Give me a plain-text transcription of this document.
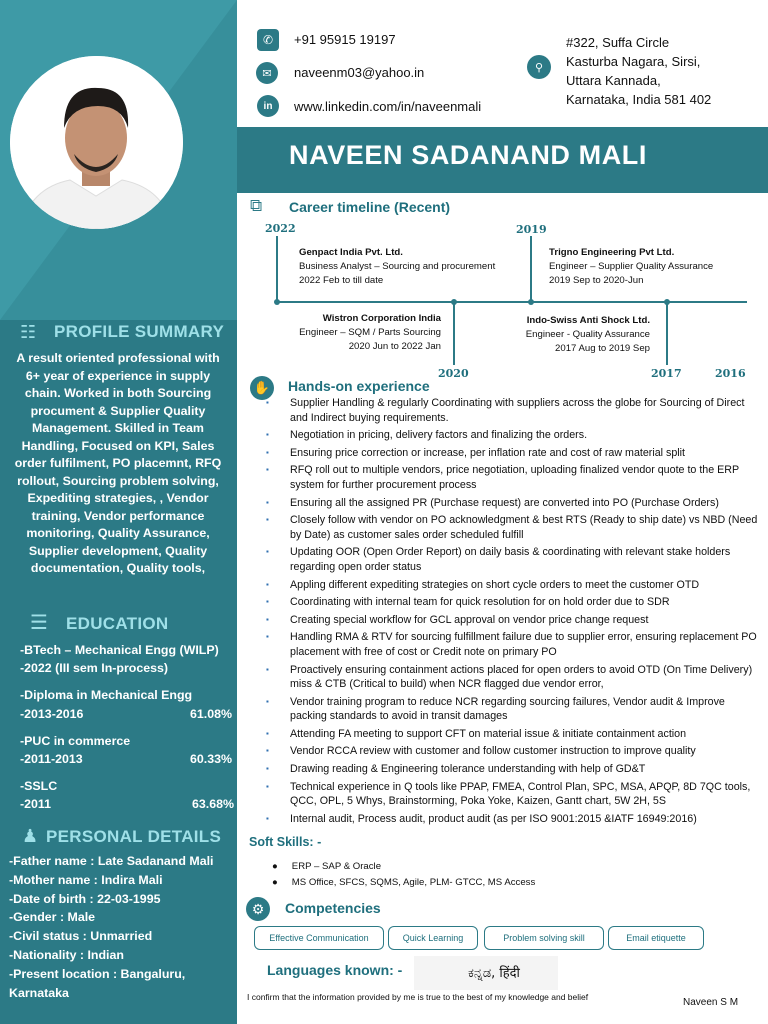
☷ PROFILE SUMMARY
A result oriented professional with 6+ year of experience in supply chain. Worked in both Sourcing procument & Supplier Quality Management. Skilled in Team Handling, Focused on KPI, Sales order fulfilment, PO placemnt, RFQ rollout, Sourcing problem solving, Expediting strategies, , Vendor training, Vendor performance monitoring, Quality Assurance, Supplier development, Quality documentation, Quality tools,
☰ EDUCATION
-BTech – Mechanical Engg (WILP)
-2022 (III sem In-process)
-Diploma in Mechanical Engg
-2013-2016	61.08%
-PUC in commerce
-2011-2013	60.33%
-SSLC
-2011	63.68%
♟ PERSONAL DETAILS
-Father name : Late Sadanand Mali
-Mother name : Indira Mali
-Date of birth : 22-03-1995
-Gender : Male
-Civil status : Unmarried
-Nationality : Indian
-Present location : Bangaluru,
Karnataka
✆	+91 95915 19197
✉	naveenm03@yahoo.in
in	www.linkedin.com/in/naveenmali
⚲
#322, Suffa Circle
Kasturba Nagara, Sirsi,
Uttara Kannada,
Karnataka, India 581 402
NAVEEN SADANAND MALI
⧉ Career timeline (Recent)
2022	2019
2020	2017	2016
Genpact India Pvt. Ltd.
Business Analyst – Sourcing and procurement
2022 Feb to till date
Trigno Engineering Pvt Ltd.
Engineer – Supplier Quality Assurance
2019 Sep to 2020-Jun
Wistron Corporation India
Engineer – SQM / Parts Sourcing
2020 Jun to 2022 Jan
Indo-Swiss Anti Shock Ltd.
Engineer - Quality Assurance
2017 Aug to 2019 Sep
✋ Hands-on experience
▪ Supplier Handling & regularly Coordinating with suppliers across the globe for Sourcing of Direct and Indirect buying requirements.
▪ Negotiation in pricing, delivery factors and finalizing the orders.
▪ Ensuring price correction or increase, per inflation rate and cost of raw material split
▪ RFQ roll out to multiple vendors, price negotiation, uploading finalized vendor quote to the ERP system for further procurement process
▪ Ensuring all the assigned PR (Purchase request) are converted into PO (Purchase Orders)
▪ Closely follow with vendor on PO acknowledgment & best RTS (Ready to ship date) vs NBD (Need by Date) as customer sales order scheduled fulfill
▪ Updating OOR (Open Order Report) on daily basis & coordinating with relevant stake holders regarding open order status
▪ Appling different expediting strategies on short cycle orders to meet the customer OTD
▪ Coordinating with internal team for quick resolution for on hold order due to SDR
▪ Creating special workflow for GCL approval on vendor price change request
▪ Handling RMA & RTV for sourcing fulfillment failure due to supplier error, ensuring replacement PO placement with free of cost or Credit note on primary PO
▪ Proactively ensuring containment actions placed for open orders to avoid OTD (On Time Delivery) miss & CTB (Critical to build) when NCR flagged due vendor error,
▪ Vendor training program to reduce NCR regarding sourcing failures, Vendor audit & Improve packing standards to avoid in transit damages
▪ Attending FA meeting to support CFT on material issue & initiate containment action
▪ Vendor RCCA review with customer and follow customer instruction to improve quality
▪ Drawing reading & Engineering tolerance understanding with help of GD&T
▪ Technical experience in Q tools like PPAP, FMEA, Control Plan, SPC, MSA, APQP, 8D 7QC tools, QCC, OPL, 5 Whys, Brainstorming, Poka Yoke, Kaizen, Gantt chart, 5W 2H, 5S
▪ Internal audit, Process audit, product audit (as per ISO 9001:2015 &IATF 16949:2016)
Soft Skills: -
● ERP – SAP & Oracle
● MS Office, SFCS, SQMS, Agile, PLM- GTCC, MS Access
⚙	Competencies
Effective Communication	Quick Learning	Problem solving skill	Email etiquette
Languages known: -	ಕನ್ನಡ, हिंदी
I confirm that the information provided by me is true to the best of my knowledge and belief	Naveen S M
